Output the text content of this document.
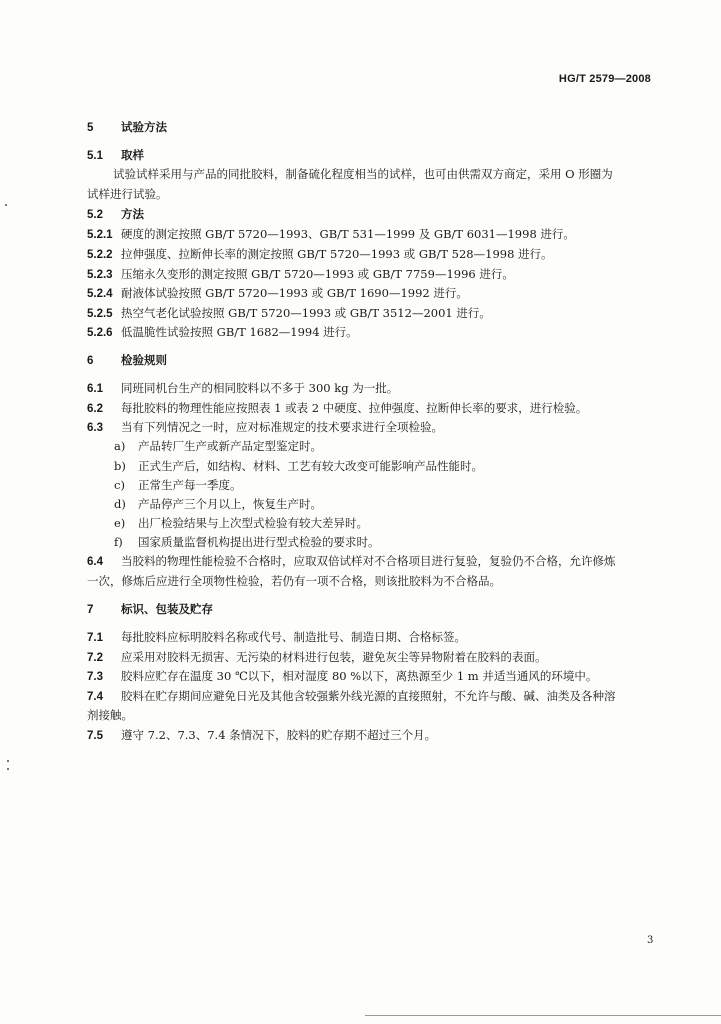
HG/T 2579—2008
5 试验方法
5.1 取样
试验试样采用与产品的同批胶料，制备硫化程度相当的试样，也可由供需双方商定，采用 O 形圈为
试样进行试验。
5.2 方法
5.2.1 硬度的测定按照 GB/T 5720—1993、GB/T 531—1999 及 GB/T 6031—1998 进行。
5.2.2 拉伸强度、拉断伸长率的测定按照 GB/T 5720—1993 或 GB/T 528—1998 进行。
5.2.3 压缩永久变形的测定按照 GB/T 5720—1993 或 GB/T 7759—1996 进行。
5.2.4 耐液体试验按照 GB/T 5720—1993 或 GB/T 1690—1992 进行。
5.2.5 热空气老化试验按照 GB/T 5720—1993 或 GB/T 3512—2001 进行。
5.2.6 低温脆性试验按照 GB/T 1682—1994 进行。
6 检验规则
6.1 同班同机台生产的相同胶料以不多于 300 kg 为一批。
6.2 每批胶料的物理性能应按照表 1 或表 2 中硬度、拉伸强度、拉断伸长率的要求，进行检验。
6.3 当有下列情况之一时，应对标准规定的技术要求进行全项检验。
a) 产品转厂生产或新产品定型鉴定时。
b) 正式生产后，如结构、材料、工艺有较大改变可能影响产品性能时。
c) 正常生产每一季度。
d) 产品停产三个月以上，恢复生产时。
e) 出厂检验结果与上次型式检验有较大差异时。
f) 国家质量监督机构提出进行型式检验的要求时。
6.4 当胶料的物理性能检验不合格时，应取双倍试样对不合格项目进行复验，复验仍不合格，允许修炼
一次，修炼后应进行全项物性检验，若仍有一项不合格，则该批胶料为不合格品。
7 标识、包装及贮存
7.1 每批胶料应标明胶料名称或代号、制造批号、制造日期、合格标签。
7.2 应采用对胶料无损害、无污染的材料进行包装，避免灰尘等异物附着在胶料的表面。
7.3 胶料应贮存在温度 30 ℃以下，相对湿度 80 %以下，离热源至少 1 m 并适当通风的环境中。
7.4 胶料在贮存期间应避免日光及其他含较强紫外线光源的直接照射，不允许与酸、碱、油类及各种溶
剂接触。
7.5 遵守 7.2、7.3、7.4 条情况下，胶料的贮存期不超过三个月。
3
